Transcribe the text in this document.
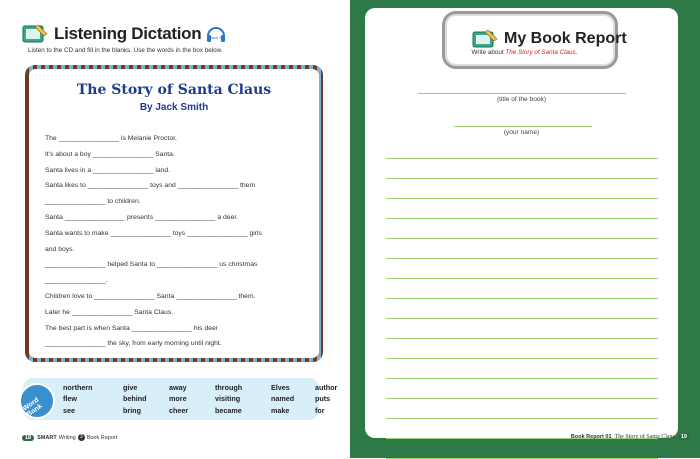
Listening Dictation Track 04
Listen to the CD and fill in the blanks. Use the words in the box below.
The Story of Santa Claus
By Jack Smith
The ________________ is Melanie Proctor.
It's about a boy ________________ Santa.
Santa lives in a ________________ land.
Santa likes to ________________ toys and ________________ them
________________ to children.
Santa ________________ presents ________________ a deer.
Santa wants to make ________________ toys ________________ girls
and boys.
________________ helped Santa to ________________ us christmas
________________.
Children love to ________________ Santa ________________ them.
Later he ________________ Santa Claus.
The best part is when Santa ________________ his deer
________________ the sky, from early morning until night.
Word Bank
northern	give	away	through	Elves	author
flew	behind	more	visiting	named	puts
see	bring	cheer	became	make	for
18	SMART Writing 3 Book Report
My Book Report
Write about The Story of Santa Claus.
(title of the book)
(your name)
Book Report 01 The Story of Santa Claus	19
